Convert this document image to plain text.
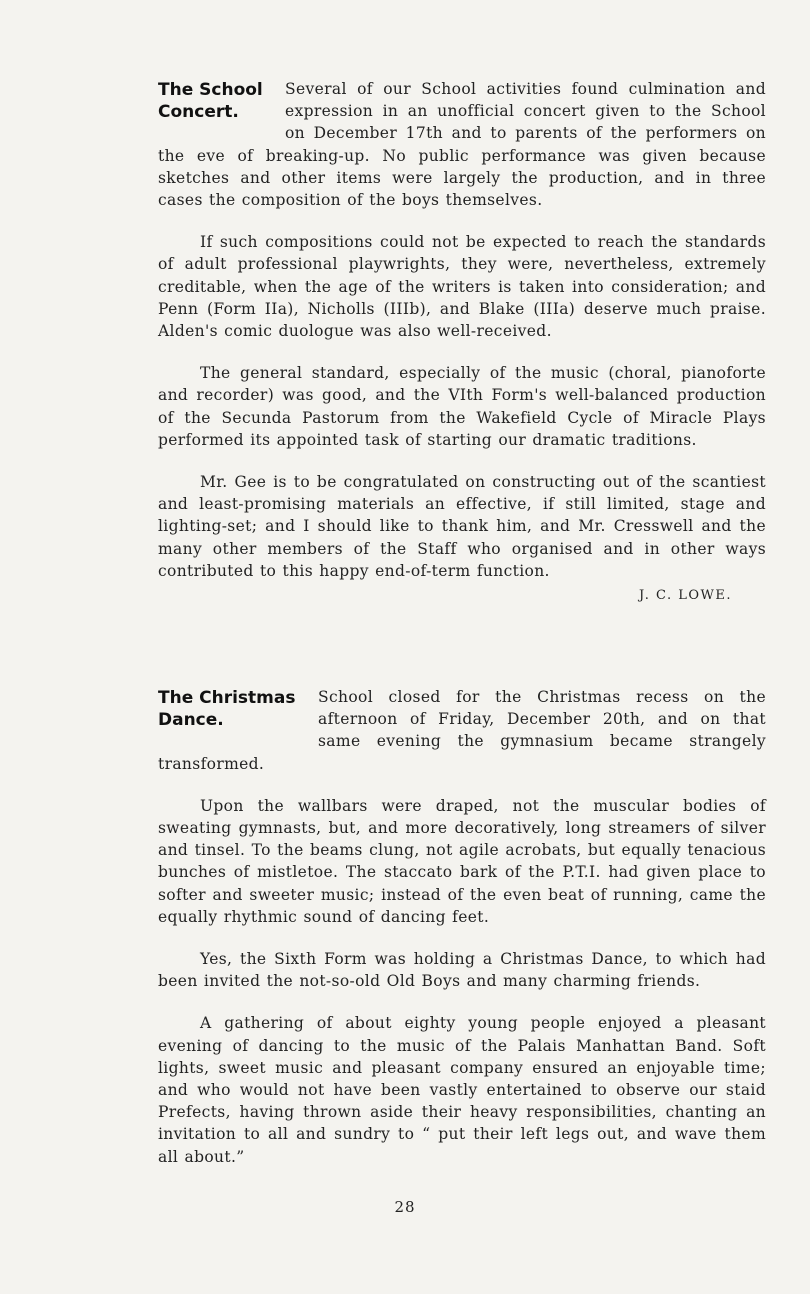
The School Concert.

Several of our School activities found culmination and expression in an unofficial concert given to the School on December 17th and to parents of the performers on the eve of breaking-up. No public performance was given because sketches and other items were largely the production, and in three cases the composition of the boys themselves.

If such compositions could not be expected to reach the standards of adult professional playwrights, they were, nevertheless, extremely creditable, when the age of the writers is taken into consideration; and Penn (Form IIa), Nicholls (IIIb), and Blake (IIIa) deserve much praise. Alden's comic duologue was also well-received.

The general standard, especially of the music (choral, pianoforte and recorder) was good, and the VIth Form's well-balanced production of the Secunda Pastorum from the Wakefield Cycle of Miracle Plays performed its appointed task of starting our dramatic traditions.

Mr. Gee is to be congratulated on constructing out of the scantiest and least-promising materials an effective, if still limited, stage and lighting-set; and I should like to thank him, and Mr. Cresswell and the many other members of the Staff who organised and in other ways contributed to this happy end-of-term function.

J. C. LOWE.
The Christmas Dance.

School closed for the Christmas recess on the afternoon of Friday, December 20th, and on that same evening the gymnasium became strangely transformed.

Upon the wallbars were draped, not the muscular bodies of sweating gymnasts, but, and more decoratively, long streamers of silver and tinsel. To the beams clung, not agile acrobats, but equally tenacious bunches of mistletoe. The staccato bark of the P.T.I. had given place to softer and sweeter music; instead of the even beat of running, came the equally rhythmic sound of dancing feet.

Yes, the Sixth Form was holding a Christmas Dance, to which had been invited the not-so-old Old Boys and many charming friends.

A gathering of about eighty young people enjoyed a pleasant evening of dancing to the music of the Palais Manhattan Band. Soft lights, sweet music and pleasant company ensured an enjoyable time; and who would not have been vastly entertained to observe our staid Prefects, having thrown aside their heavy responsibilities, chanting an invitation to all and sundry to “ put their left legs out, and wave them all about.”

28
